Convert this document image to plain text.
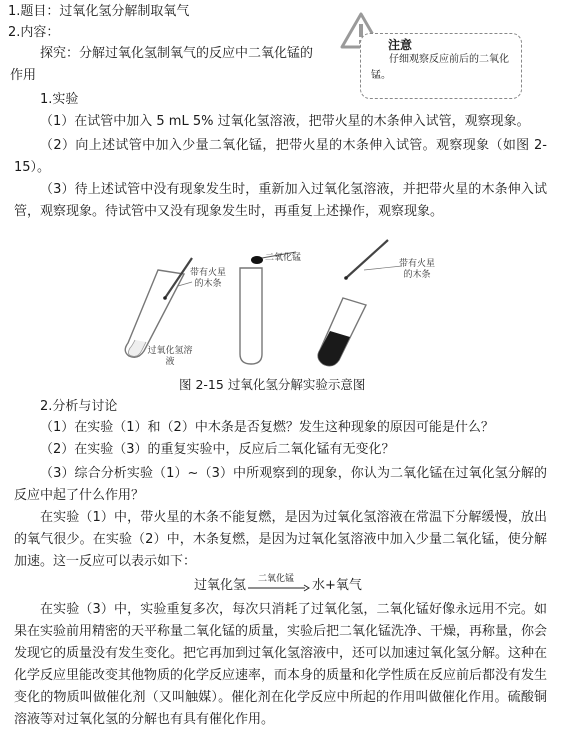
1.题目：过氧化氢分解制取氧气
2.内容：
注意
仔细观察反应前后的二氧化锰。
探究：分解过氧化氢制氧气的反应中二氧化锰的
作用
1.实验
（1）在试管中加入 5 mL 5% 过氧化氢溶液，把带火星的木条伸入试管，观察现象。
（2）向上述试管中加入少量二氧化锰，把带火星的木条伸入试管。观察现象（如图 2-15）。
（3）待上述试管中没有现象发生时，重新加入过氧化氢溶液，并把带火星的木条伸入试管，观察现象。待试管中又没有现象发生时，再重复上述操作，观察现象。
带有火星的木条
过氧化氢溶液
二氧化锰
带有火星的木条
图 2-15 过氧化氢分解实验示意图
2.分析与讨论
（1）在实验（1）和（2）中木条是否复燃？发生这种现象的原因可能是什么？
（2）在实验（3）的重复实验中，反应后二氧化锰有无变化？
（3）综合分析实验（1）~（3）中所观察到的现象，你认为二氧化锰在过氧化氢分解的反应中起了什么作用？
在实验（1）中，带火星的木条不能复燃，是因为过氧化氢溶液在常温下分解缓慢，放出的氧气很少。在实验（2）中，木条复燃，是因为过氧化氢溶液中加入少量二氧化锰，使分解加速。这一反应可以表示如下：
过氧化氢 二氧化锰 → 水+氧气
在实验（3）中，实验重复多次，每次只消耗了过氧化氢，二氧化锰好像永远用不完。如果在实验前用精密的天平称量二氧化锰的质量，实验后把二氧化锰洗净、干燥，再称量，你会发现它的质量没有发生变化。把它再加到过氧化氢溶液中，还可以加速过氧化氢分解。这种在化学反应里能改变其他物质的化学反应速率，而本身的质量和化学性质在反应前后都没有发生变化的物质叫做催化剂（又叫触媒）。催化剂在化学反应中所起的作用叫做催化作用。硫酸铜溶液等对过氧化氢的分解也有具有催化作用。
